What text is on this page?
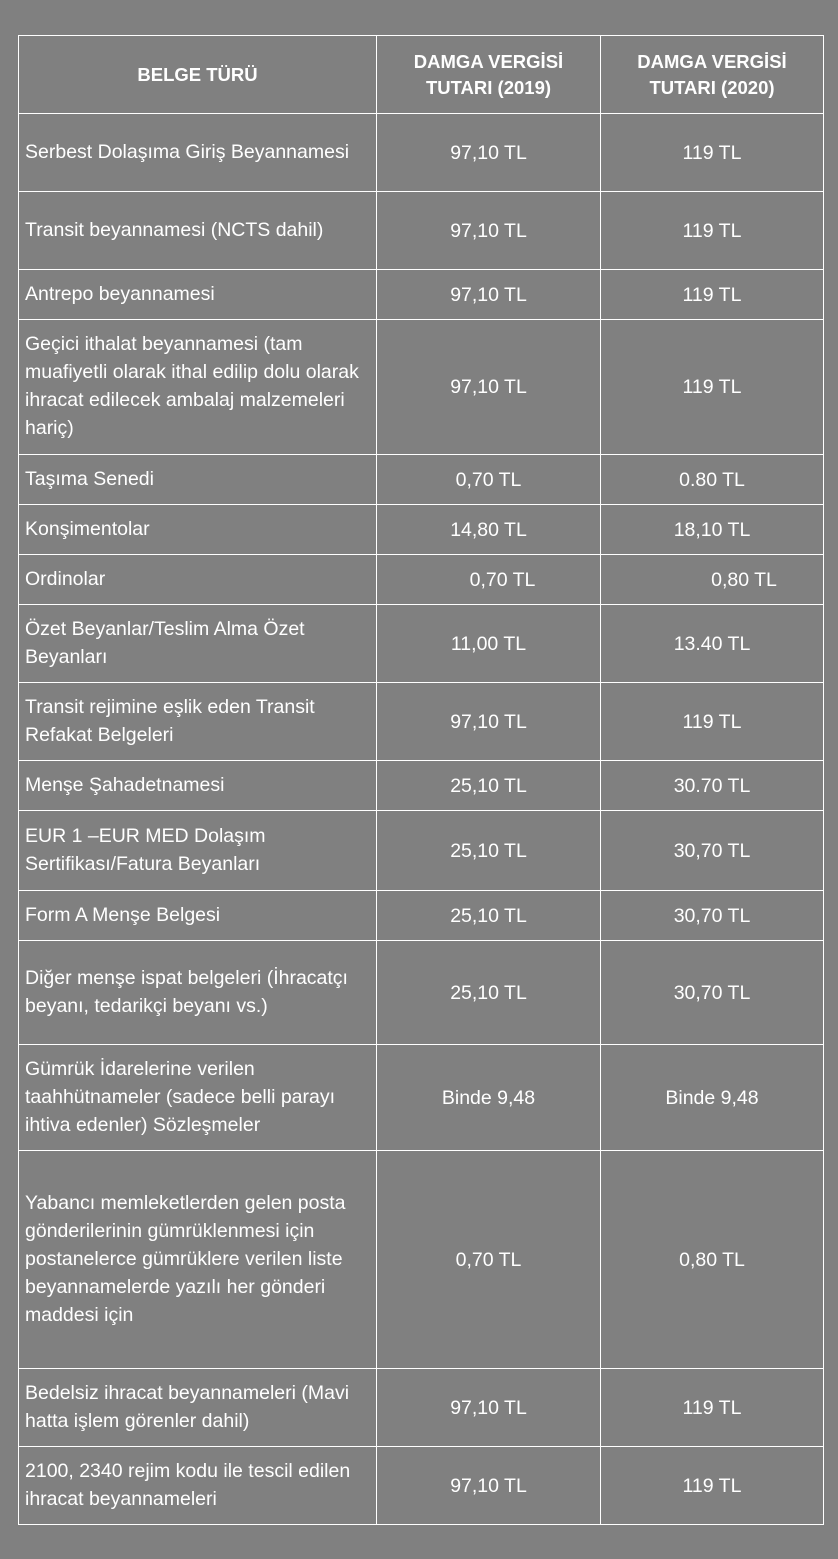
BELGE TÜRÜ	DAMGA VERGİSİ TUTARI (2019)	DAMGA VERGİSİ TUTARI (2020)

Serbest Dolaşıma Giriş Beyannamesi	97,10 TL	119 TL
Transit beyannamesi (NCTS dahil)	97,10 TL	119 TL
Antrepo beyannamesi	97,10 TL	119 TL
Geçici ithalat beyannamesi (tam muafiyetli olarak ithal edilip dolu olarak ihracat edilecek ambalaj malzemeleri hariç)	97,10 TL	119 TL
Taşıma Senedi	0,70 TL	0.80 TL
Konşimentolar	14,80 TL	18,10 TL
Ordinolar	0,70 TL	0,80 TL
Özet Beyanlar/Teslim Alma Özet Beyanları	11,00 TL	13.40 TL
Transit rejimine eşlik eden Transit Refakat Belgeleri	97,10 TL	119 TL
Menşe Şahadetnamesi	25,10 TL	30.70 TL
EUR 1 –EUR MED Dolaşım Sertifikası/Fatura Beyanları	25,10 TL	30,70 TL
Form A Menşe Belgesi	25,10 TL	30,70 TL
Diğer menşe ispat belgeleri (İhracatçı beyanı, tedarikçi beyanı vs.)	25,10 TL	30,70 TL
Gümrük İdarelerine verilen taahhütnameler (sadece belli parayı ihtiva edenler) Sözleşmeler	Binde 9,48	Binde 9,48
Yabancı memleketlerden gelen posta gönderilerinin gümrüklenmesi için postanelerce gümrüklere verilen liste beyannamelerde yazılı her gönderi maddesi için	0,70 TL	0,80 TL
Bedelsiz ihracat beyannameleri (Mavi hatta işlem görenler dahil)	97,10 TL	119 TL
2100, 2340 rejim kodu ile tescil edilen ihracat beyannameleri	97,10 TL	119 TL
